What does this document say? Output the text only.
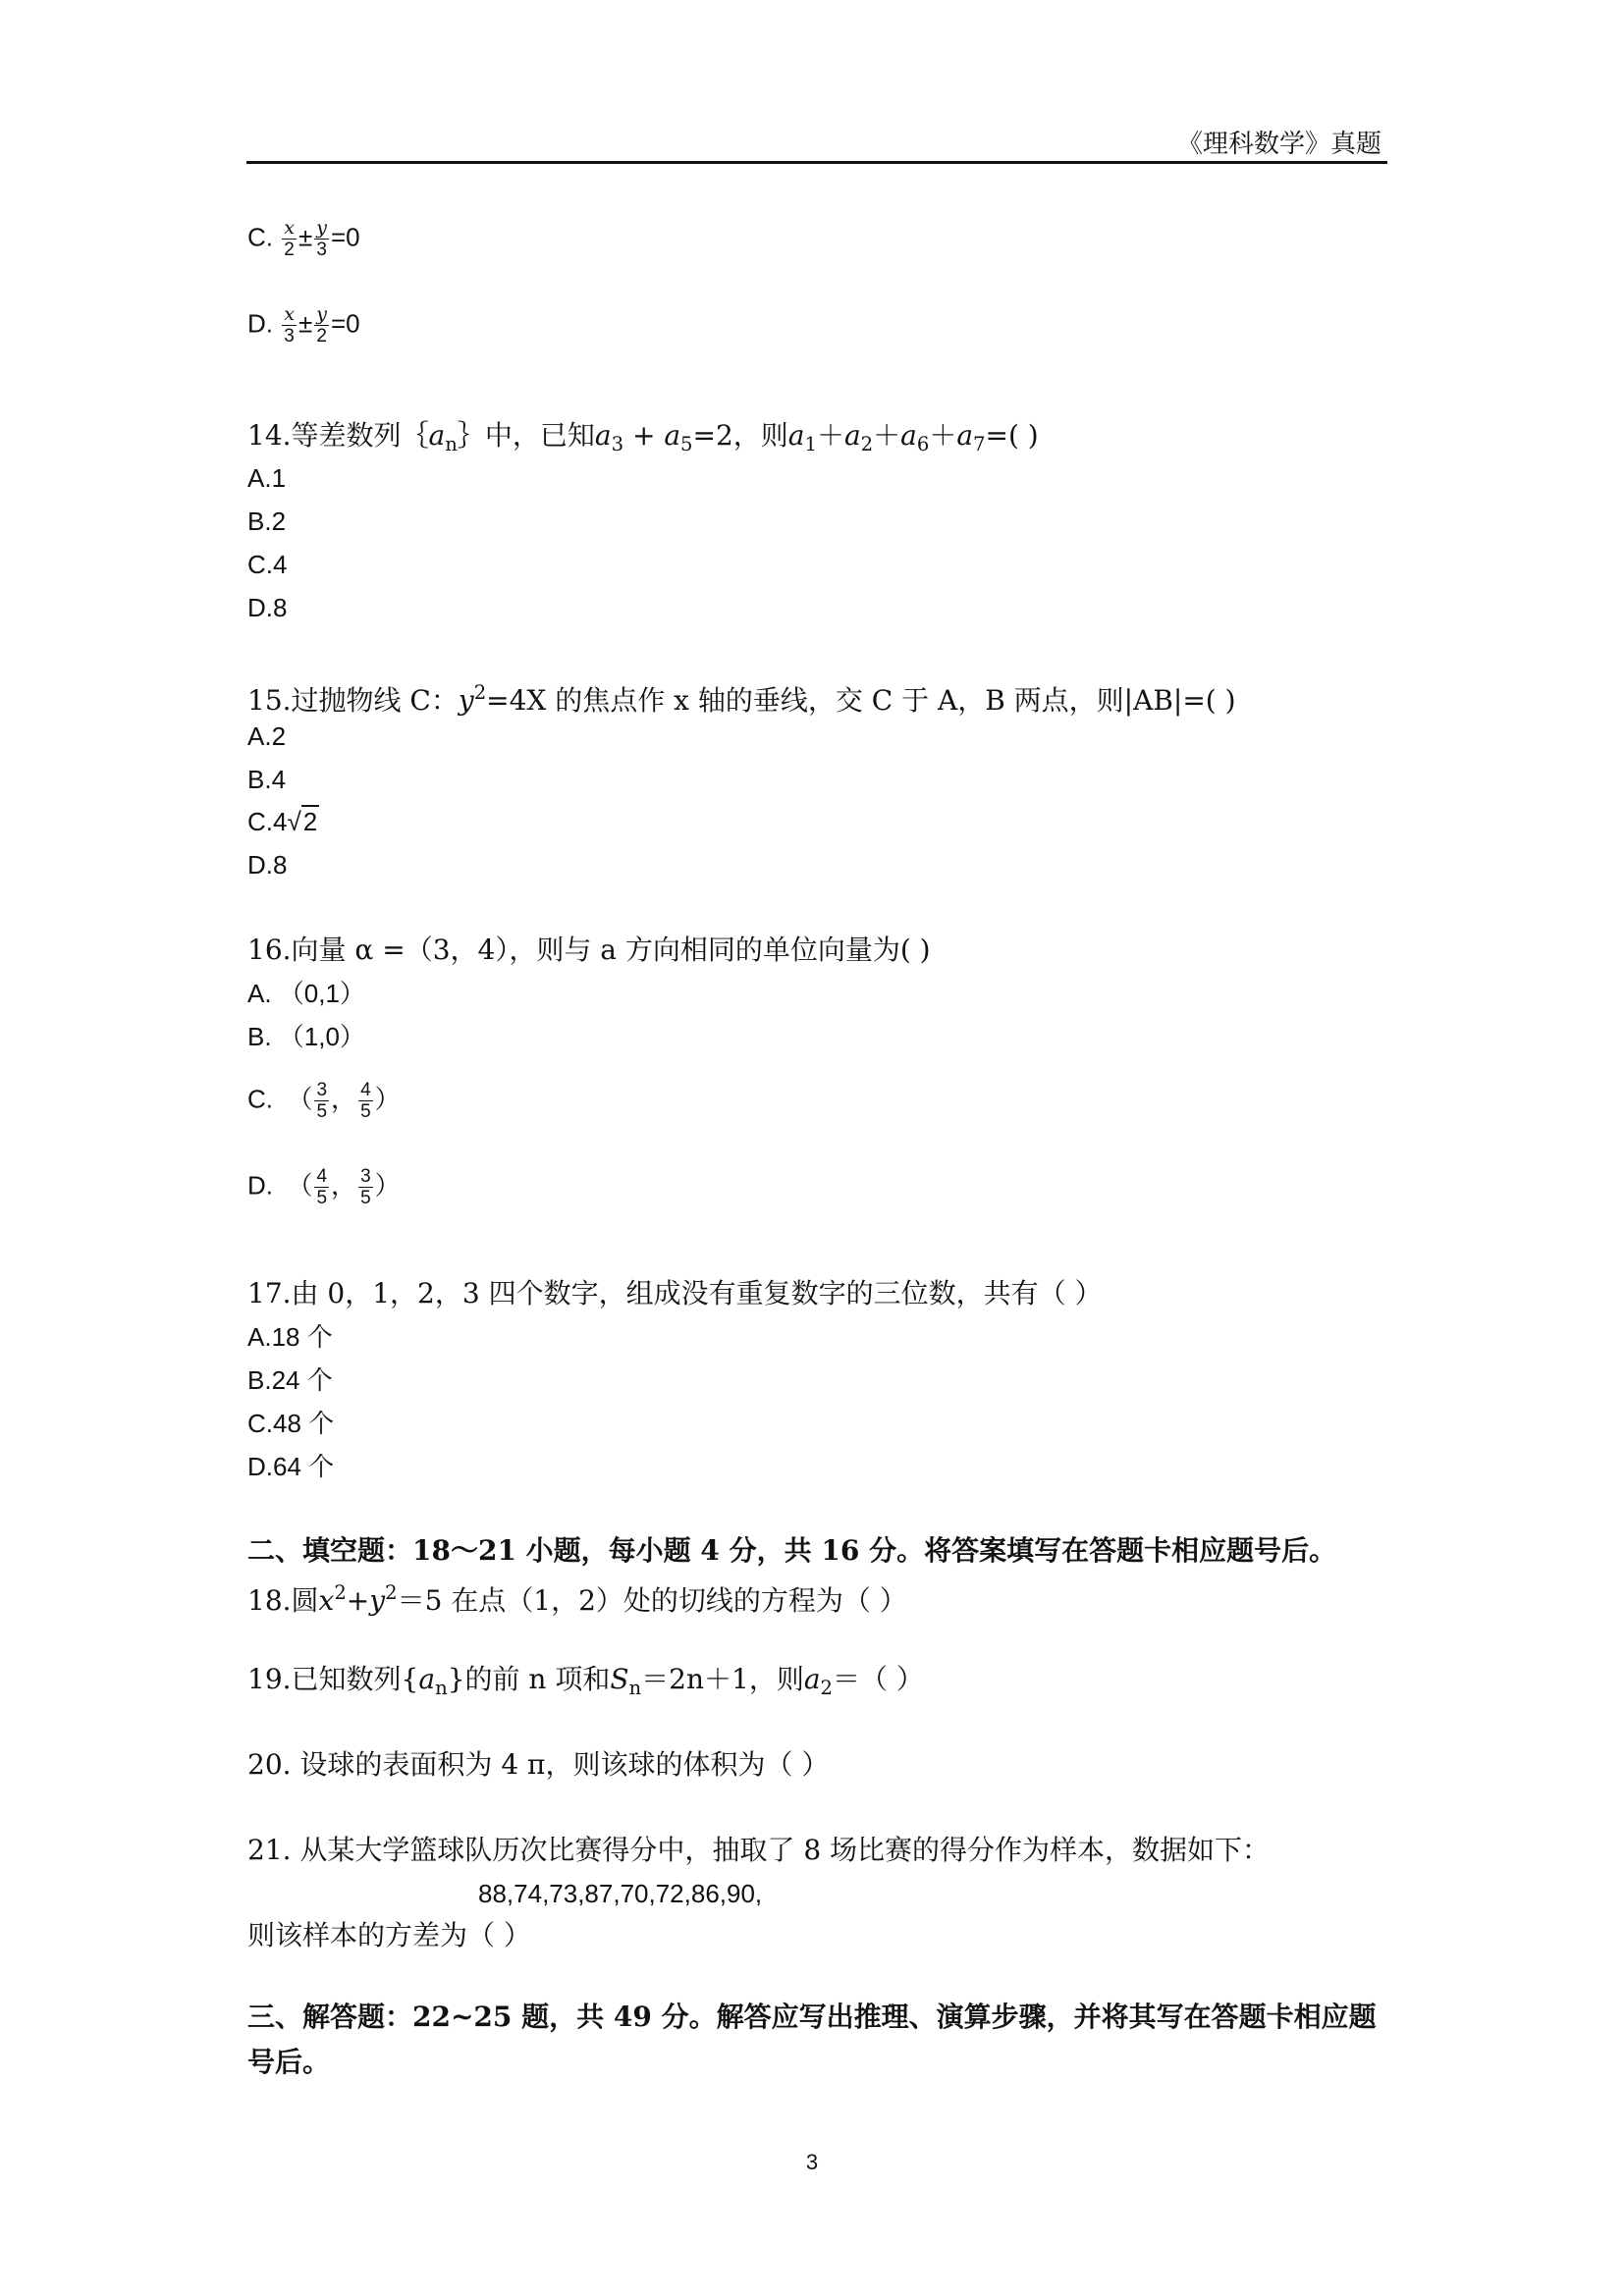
《理科数学》真题
C. $\frac{x}{2} \pm \frac{y}{3} =0$
D. $\frac{x}{3} \pm \frac{y}{2} =0$
14.等差数列$\{a_n\}$中，已知$a_3 + a_5=2$，则$a_1+a_2+a_6+a_7=$( )
A.1
B.2
C.4
D.8
15.过抛物线 C：$y^2=4X$ 的焦点作 x 轴的垂线，交 C 于 A，B 两点，则|AB|=( )
A.2
B.4
C.4√2
D.8
16.向量 α =（3，4），则与 a 方向相同的单位向量为( )
A. （0,1）
B. （1,0）
C. （ $\frac{3}{5}$ ， $\frac{4}{5}$ ）
D. （ $\frac{4}{5}$ ， $\frac{3}{5}$ ）
17.由 0，1，2，3 四个数字，组成没有重复数字的三位数，共有（ ）
A.18 个
B.24 个
C.48 个
D.64 个
二、填空题：18～21 小题，每小题 4 分，共 16 分。将答案填写在答题卡相应题号后。
18.圆$x^2+y^2=5$ 在点（1，2）处的切线的方程为（ ）
19.已知数列$\{a_n\}$的前 n 项和$S_n=2n+1$，则$a_2=$（ ）
20. 设球的表面积为 4 π，则该球的体积为（ ）
21. 从某大学篮球队历次比赛得分中，抽取了 8 场比赛的得分作为样本，数据如下：
88,74,73,87,70,72,86,90,
则该样本的方差为（ ）
三、解答题：22~25 题，共 49 分。解答应写出推理、演算步骤，并将其写在答题卡相应题号后。
3
